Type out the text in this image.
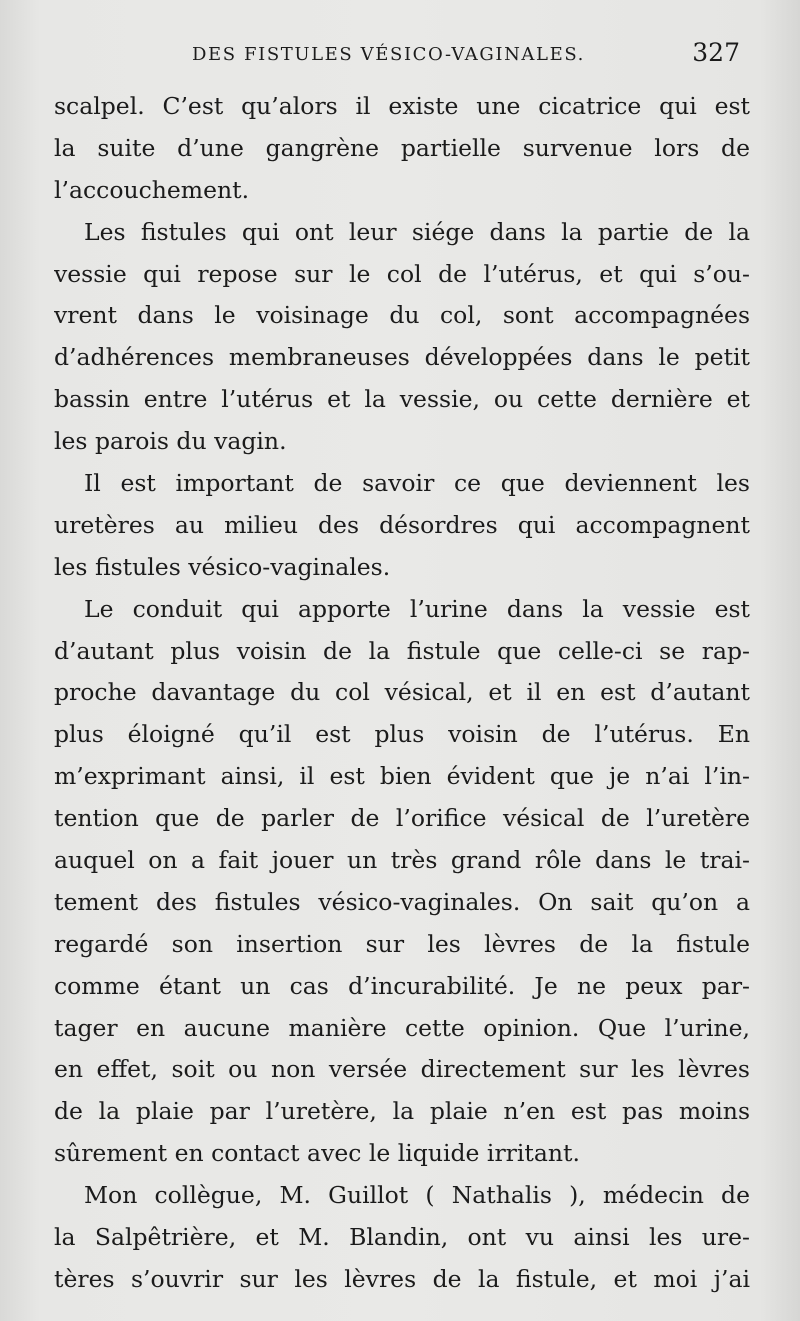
DES FISTULES VÉSICO-VAGINALES.	327
scalpel. C’est qu’alors il existe une cicatrice qui est
la suite d’une gangrène partielle survenue lors de
l’accouchement.
Les fistules qui ont leur siége dans la partie de la
vessie qui repose sur le col de l’utérus, et qui s’ou-
vrent dans le voisinage du col, sont accompagnées
d’adhérences membraneuses développées dans le petit
bassin entre l’utérus et la vessie, ou cette dernière et
les parois du vagin.
Il est important de savoir ce que deviennent les
uretères au milieu des désordres qui accompagnent
les fistules vésico-vaginales.
Le conduit qui apporte l’urine dans la vessie est
d’autant plus voisin de la fistule que celle-ci se rap-
proche davantage du col vésical, et il en est d’autant
plus éloigné qu’il est plus voisin de l’utérus. En
m’exprimant ainsi, il est bien évident que je n’ai l’in-
tention que de parler de l’orifice vésical de l’uretère
auquel on a fait jouer un très grand rôle dans le trai-
tement des fistules vésico-vaginales. On sait qu’on a
regardé son insertion sur les lèvres de la fistule
comme étant un cas d’incurabilité. Je ne peux par-
tager en aucune manière cette opinion. Que l’urine,
en effet, soit ou non versée directement sur les lèvres
de la plaie par l’uretère, la plaie n’en est pas moins
sûrement en contact avec le liquide irritant.
Mon collègue, M. Guillot ( Nathalis ), médecin de
la Salpêtrière, et M. Blandin, ont vu ainsi les ure-
tères s’ouvrir sur les lèvres de la fistule, et moi j’ai
